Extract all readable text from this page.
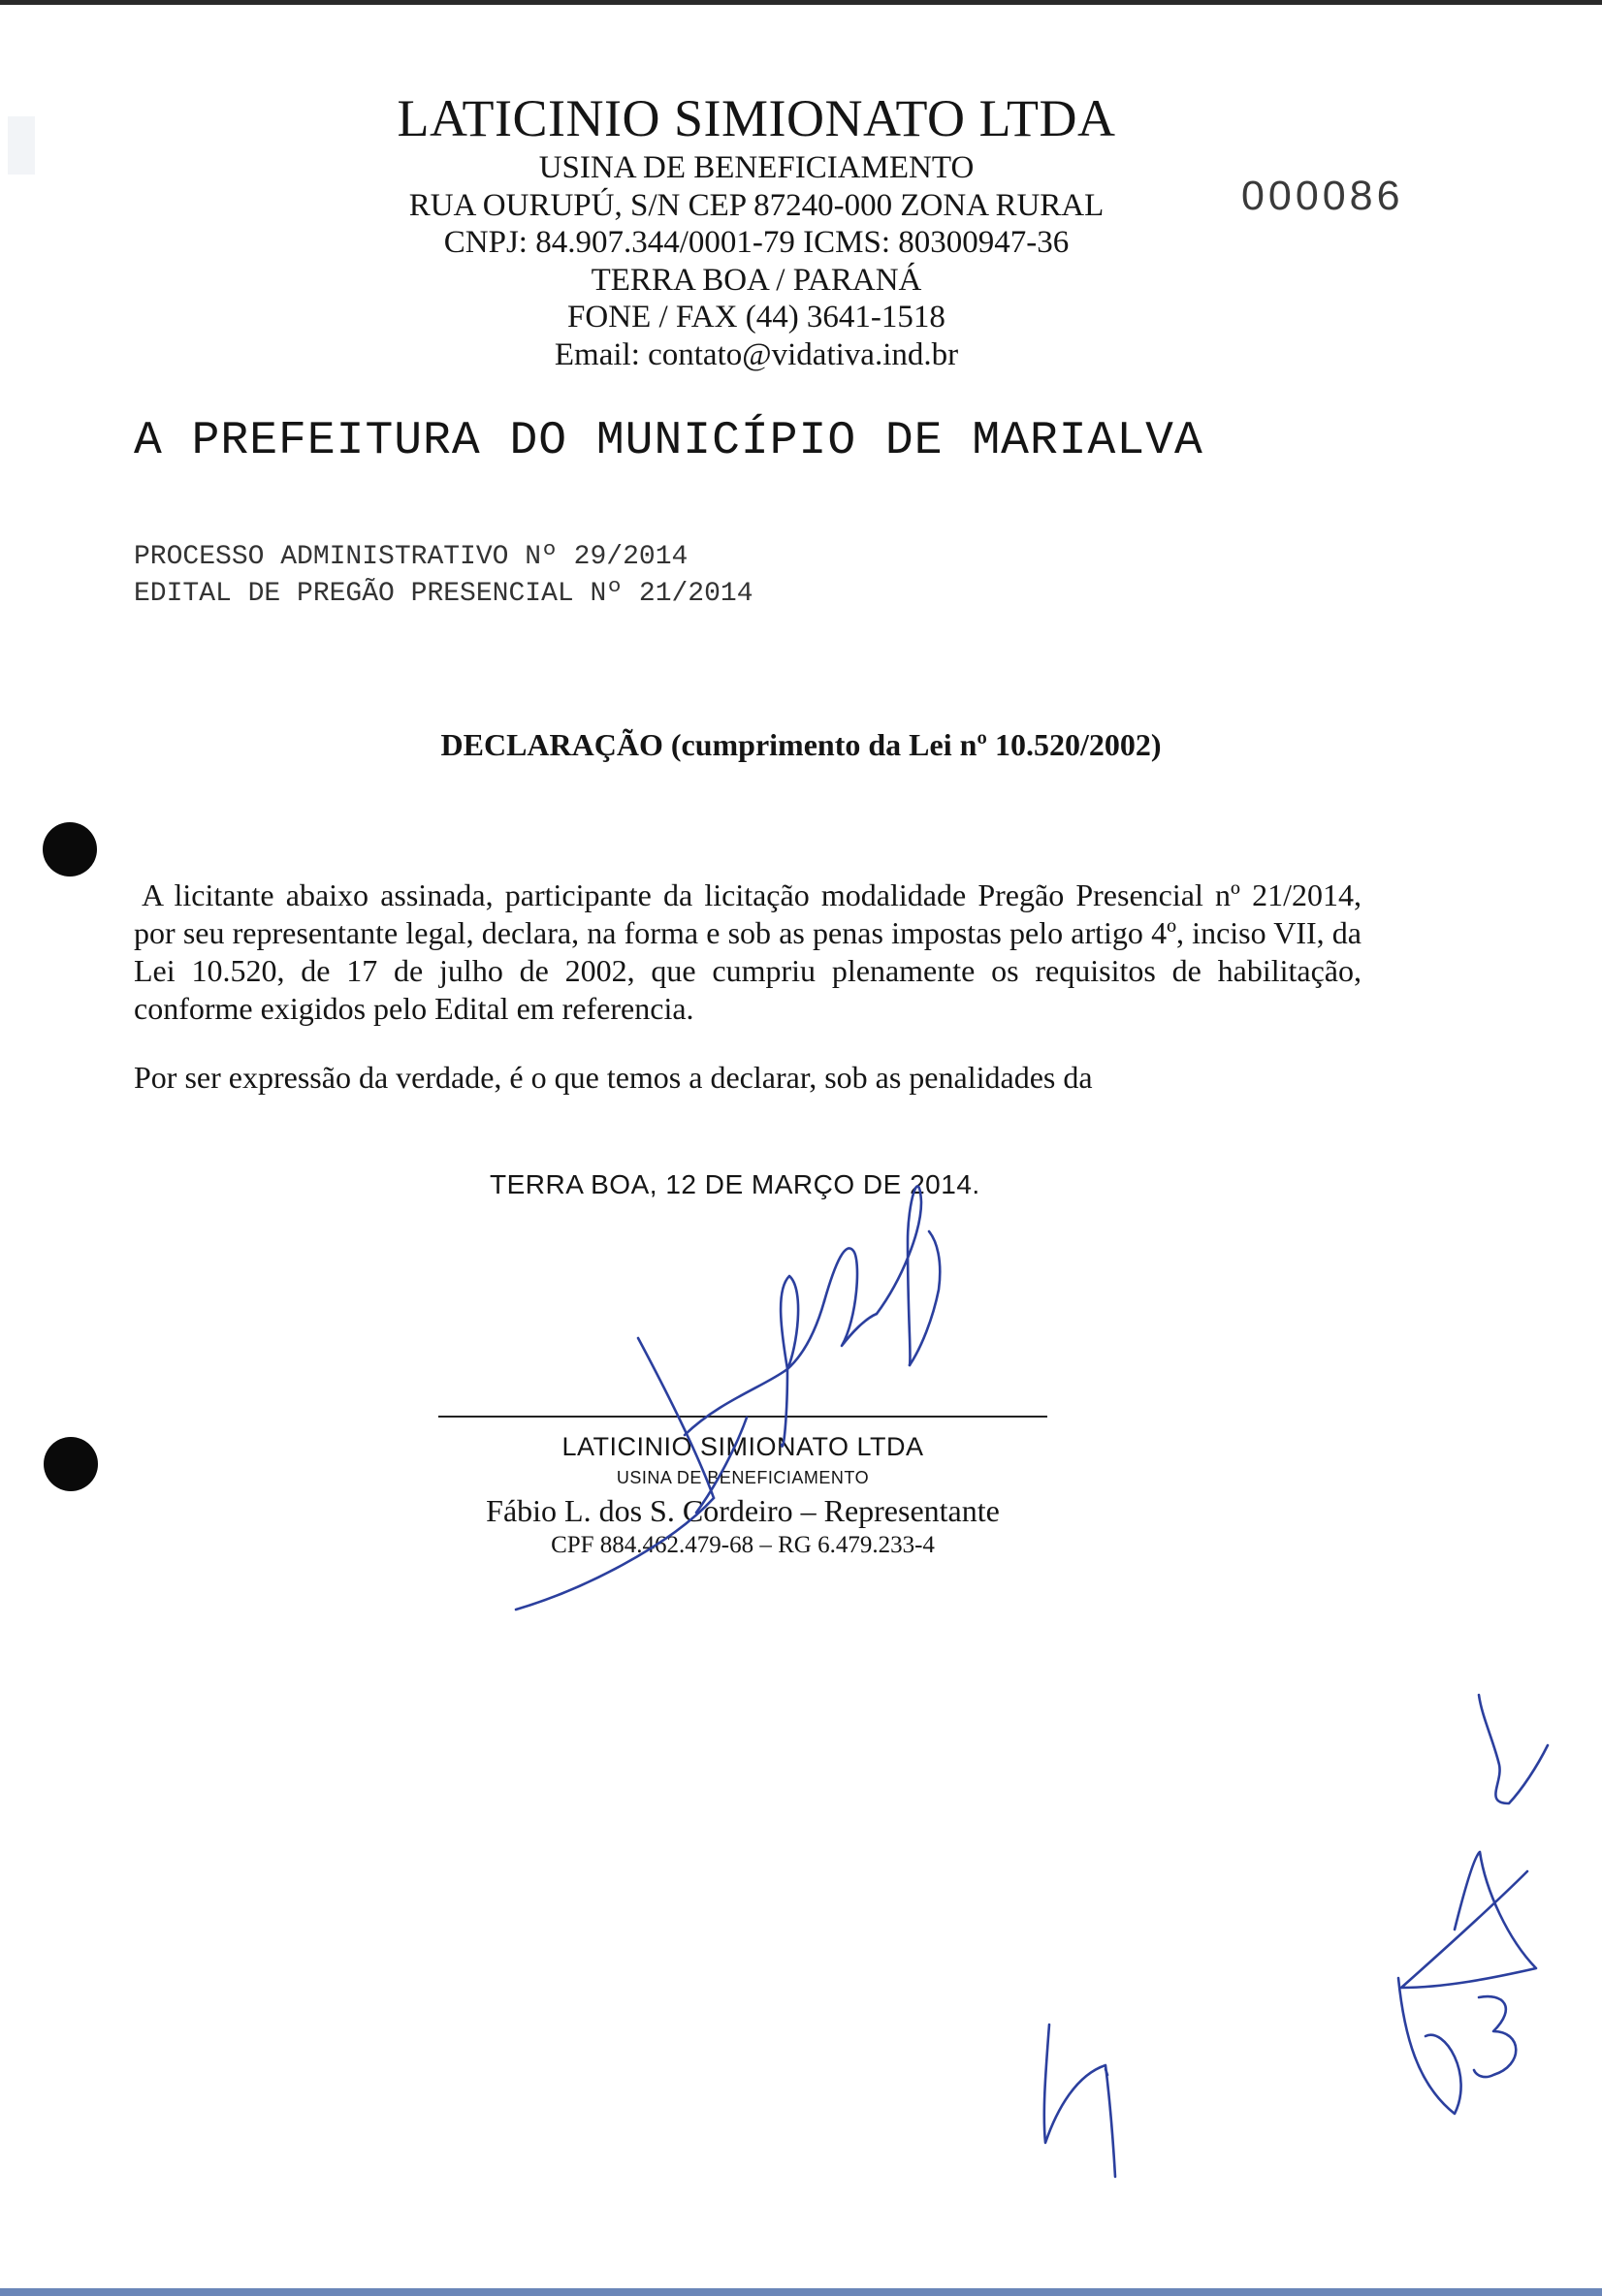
LATICINIO SIMIONATO LTDA
USINA DE BENEFICIAMENTO
RUA OURUPÚ, S/N CEP 87240-000 ZONA RURAL
CNPJ: 84.907.344/0001-79 ICMS: 80300947-36
TERRA BOA / PARANÁ
FONE / FAX (44) 3641-1518
Email: contato@vidativa.ind.br
000086
A PREFEITURA DO MUNICÍPIO DE MARIALVA
PROCESSO ADMINISTRATIVO Nº 29/2014
EDITAL DE PREGÃO PRESENCIAL Nº 21/2014
DECLARAÇÃO (cumprimento da Lei nº 10.520/2002)

A licitante abaixo assinada, participante da licitação modalidade Pregão Presencial nº 21/2014, por seu representante legal, declara, na forma e sob as penas impostas pelo artigo 4º, inciso VII, da Lei 10.520, de 17 de julho de 2002, que cumpriu plenamente os requisitos de habilitação, conforme exigidos pelo Edital em referencia.

Por ser expressão da verdade, é o que temos a declarar, sob as penalidades da

TERRA BOA, 12 DE MARÇO DE 2014.
LATICINIO SIMIONATO LTDA
USINA DE BENEFICIAMENTO
Fábio L. dos S. Cordeiro – Representante
CPF 884.462.479-68 – RG 6.479.233-4
